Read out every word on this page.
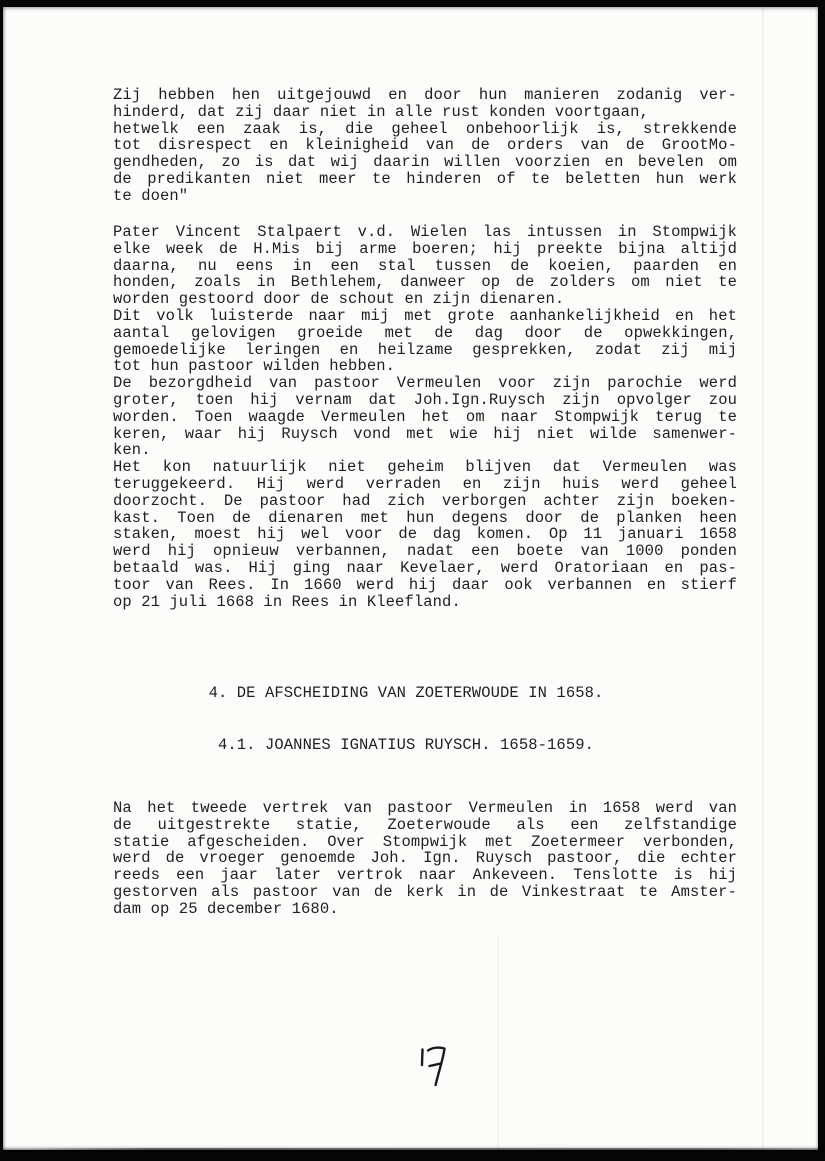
Zij hebben hen uitgejouwd en door hun manieren zodanig ver-
hinderd, dat zij daar niet in alle rust konden voortgaan,
hetwelk een zaak is, die geheel onbehoorlijk is, strekkende
tot disrespect en kleinigheid van de orders van de GrootMo-
gendheden, zo is dat wij daarin willen voorzien en bevelen om
de predikanten niet meer te hinderen of te beletten hun werk
te doen"
Pater Vincent Stalpaert v.d. Wielen las intussen in Stompwijk
elke week de H.Mis bij arme boeren; hij preekte bijna altijd
daarna, nu eens in een stal tussen de koeien, paarden en
honden, zoals in Bethlehem, danweer op de zolders om niet te
worden gestoord door de schout en zijn dienaren.
Dit volk luisterde naar mij met grote aanhankelijkheid en het
aantal gelovigen groeide met de dag door de opwekkingen,
gemoedelijke leringen en heilzame gesprekken, zodat zij mij
tot hun pastoor wilden hebben.
De bezorgdheid van pastoor Vermeulen voor zijn parochie werd
groter, toen hij vernam dat Joh.Ign.Ruysch zijn opvolger zou
worden. Toen waagde Vermeulen het om naar Stompwijk terug te
keren, waar hij Ruysch vond met wie hij niet wilde samenwer-
ken.
Het kon natuurlijk niet geheim blijven dat Vermeulen was
teruggekeerd. Hij werd verraden en zijn huis werd geheel
doorzocht. De pastoor had zich verborgen achter zijn boeken-
kast. Toen de dienaren met hun degens door de planken heen
staken, moest hij wel voor de dag komen. Op 11 januari 1658
werd hij opnieuw verbannen, nadat een boete van 1000 ponden
betaald was. Hij ging naar Kevelaer, werd Oratoriaan en pas-
toor van Rees. In 1660 werd hij daar ook verbannen en stierf
op 21 juli 1668 in Rees in Kleefland.
4. DE AFSCHEIDING VAN ZOETERWOUDE IN 1658.
4.1. JOANNES IGNATIUS RUYSCH. 1658-1659.
Na het tweede vertrek van pastoor Vermeulen in 1658 werd van
de uitgestrekte statie, Zoeterwoude als een zelfstandige
statie afgescheiden. Over Stompwijk met Zoetermeer verbonden,
werd de vroeger genoemde Joh. Ign. Ruysch pastoor, die echter
reeds een jaar later vertrok naar Ankeveen. Tenslotte is hij
gestorven als pastoor van de kerk in de Vinkestraat te Amster-
dam op 25 december 1680.
